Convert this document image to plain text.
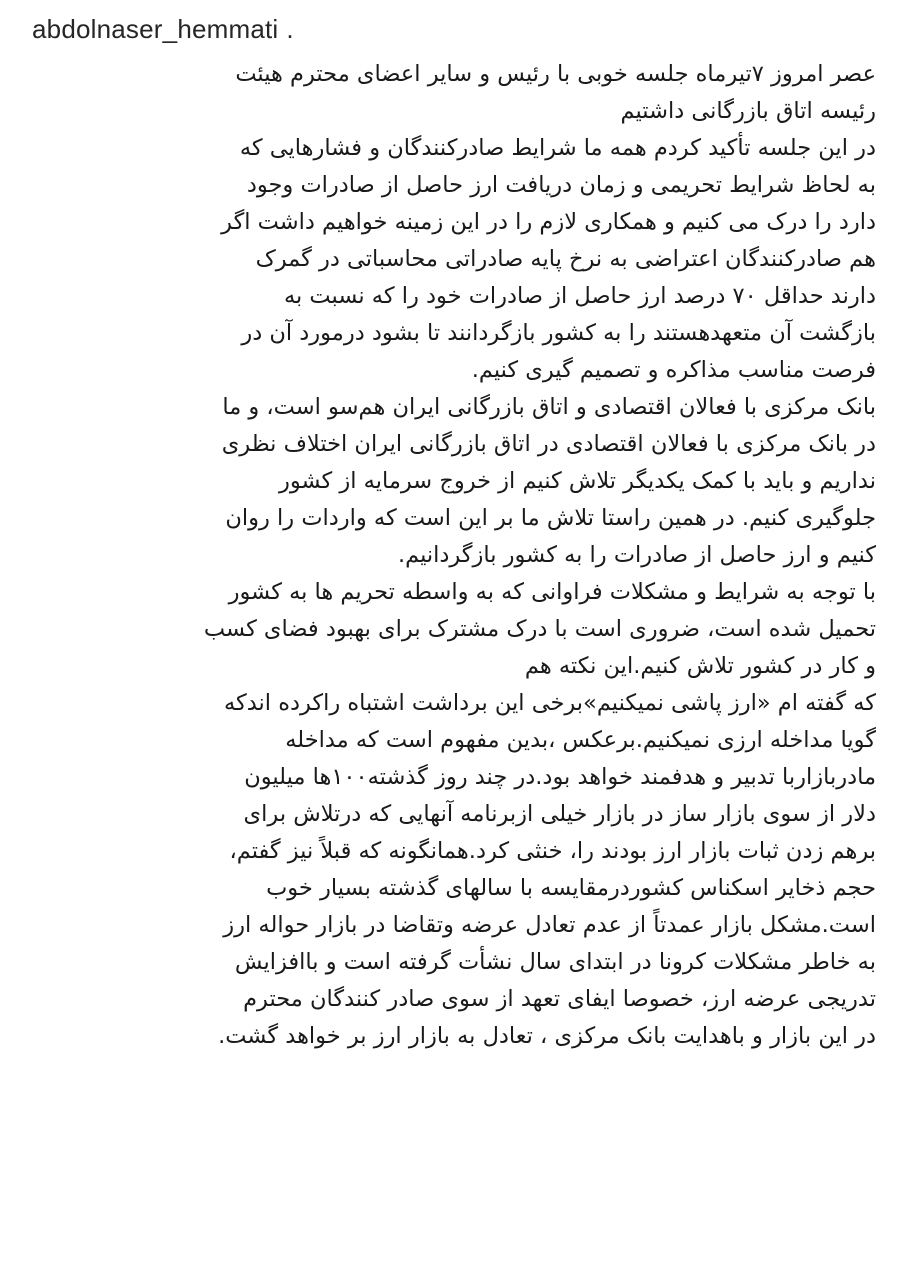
abdolnaser_hemmati .
عصر امروز ۷تیرماه جلسه خوبی با رئیس و سایر اعضای محترم هیئت
رئیسه اتاق بازرگانی داشتیم
در این جلسه تأکید کردم همه ما شرایط صادرکنندگان و فشارهایی که
به لحاظ شرایط تحریمی و زمان دریافت ارز حاصل از صادرات وجود
دارد را درک می کنیم و همکاری لازم را در این زمینه خواهیم داشت اگر
هم صادرکنندگان اعتراضی به نرخ پایه صادراتی محاسباتی در گمرک
دارند حداقل ۷۰ درصد ارز حاصل از صادرات خود را که نسبت به
بازگشت آن متعهدهستند را به کشور بازگردانند تا بشود درمورد آن در
فرصت مناسب مذاکره و تصمیم گیری کنیم.
بانک مرکزی با فعالان اقتصادی و اتاق بازرگانی ایران هم‌سو است، و ما
در بانک مرکزی با فعالان اقتصادی در اتاق بازرگانی ایران اختلاف نظری
نداریم و باید با کمک یکدیگر تلاش کنیم از خروج سرمایه از کشور
جلوگیری کنیم. در همین راستا تلاش ما بر این است که واردات را روان
کنیم و ارز حاصل از صادرات را به کشور بازگردانیم.
با توجه به شرایط و مشکلات فراوانی که به واسطه تحریم ها به کشور
تحمیل شده است، ضروری است با درک مشترک برای بهبود فضای کسب
و کار در کشور تلاش کنیم.این نکته هم
که گفته ام «ارز پاشی نمیکنیم»برخی این برداشت اشتباه راکرده اندکه
گویا مداخله ارزی نمیکنیم.برعکس ،بدین مفهوم است که مداخله
مادربازاربا تدبیر و هدفمند خواهد بود.در چند روز گذشته۱۰۰ها میلیون
دلار از سوی بازار ساز در بازار خیلی ازبرنامه آنهایی که درتلاش برای
برهم زدن ثبات بازار ارز بودند را، خنثی کرد.همانگونه که قبلاً نیز گفتم،
حجم ذخایر اسکناس کشوردرمقایسه با سالهای گذشته بسیار خوب
است.مشکل بازار عمدتاً از عدم تعادل عرضه وتقاضا در بازار حواله ارز
به خاطر مشکلات کرونا در ابتدای سال نشأت گرفته است و باافزایش
تدریجی عرضه ارز، خصوصا ایفای تعهد از سوی صادر کنندگان محترم
در این بازار و باهدایت بانک مرکزی ، تعادل به بازار ارز بر خواهد گشت.
